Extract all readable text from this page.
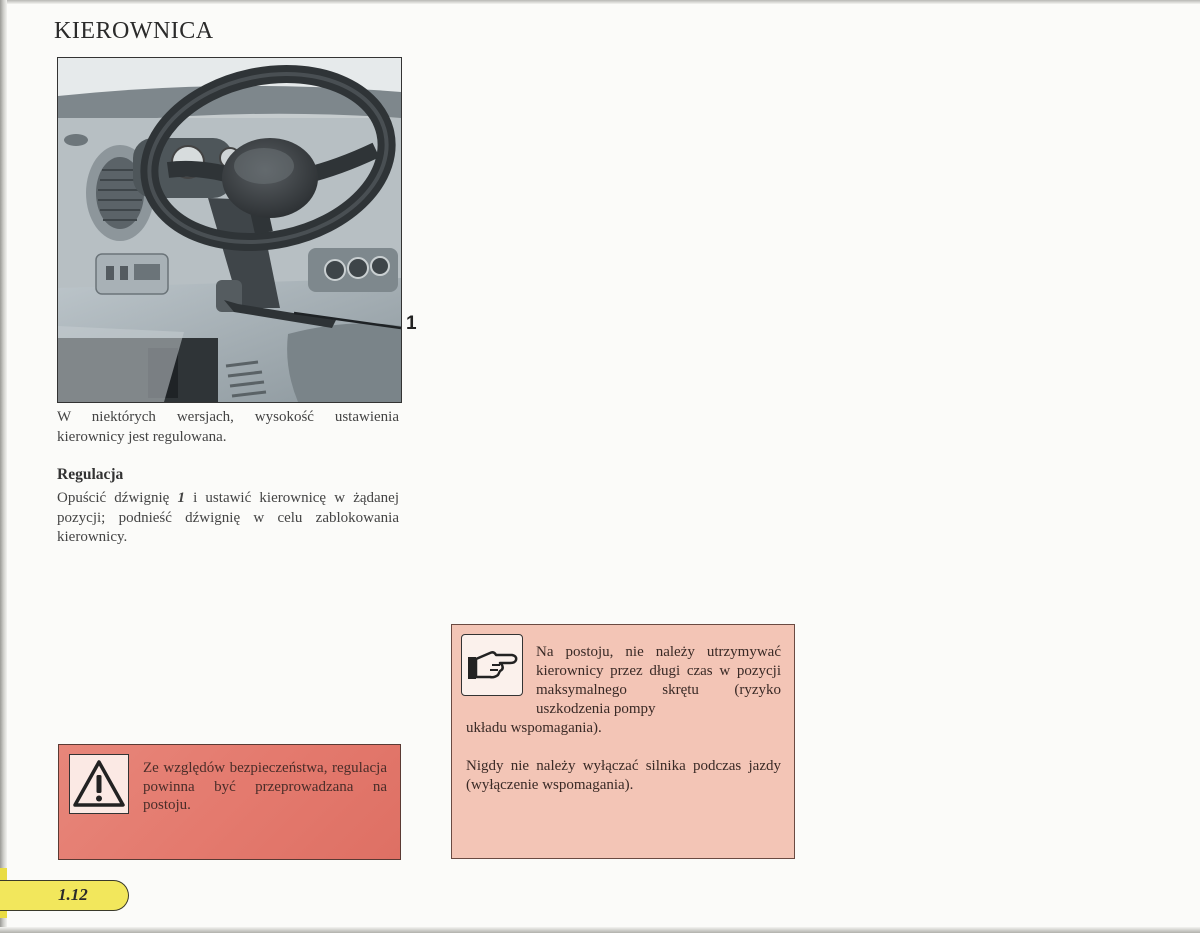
KIEROWNICA
1
W niektórych wersjach, wysokość ustawienia kierownicy jest regulowana.
Regulacja
Opuścić dźwignię 1 i ustawić kierownicę w żądanej pozycji; podnieść dźwignię w celu zablokowania kierownicy.
Ze względów bezpieczeństwa, regulacja powinna być przeprowadzana na postoju.
Na postoju, nie należy utrzymywać kierownicy przez długi czas w pozycji maksymalnego skrętu (ryzyko uszkodzenia pompy
układu wspomagania).
Nigdy nie należy wyłączać silnika podczas jazdy (wyłączenie wspomagania).
1.12
